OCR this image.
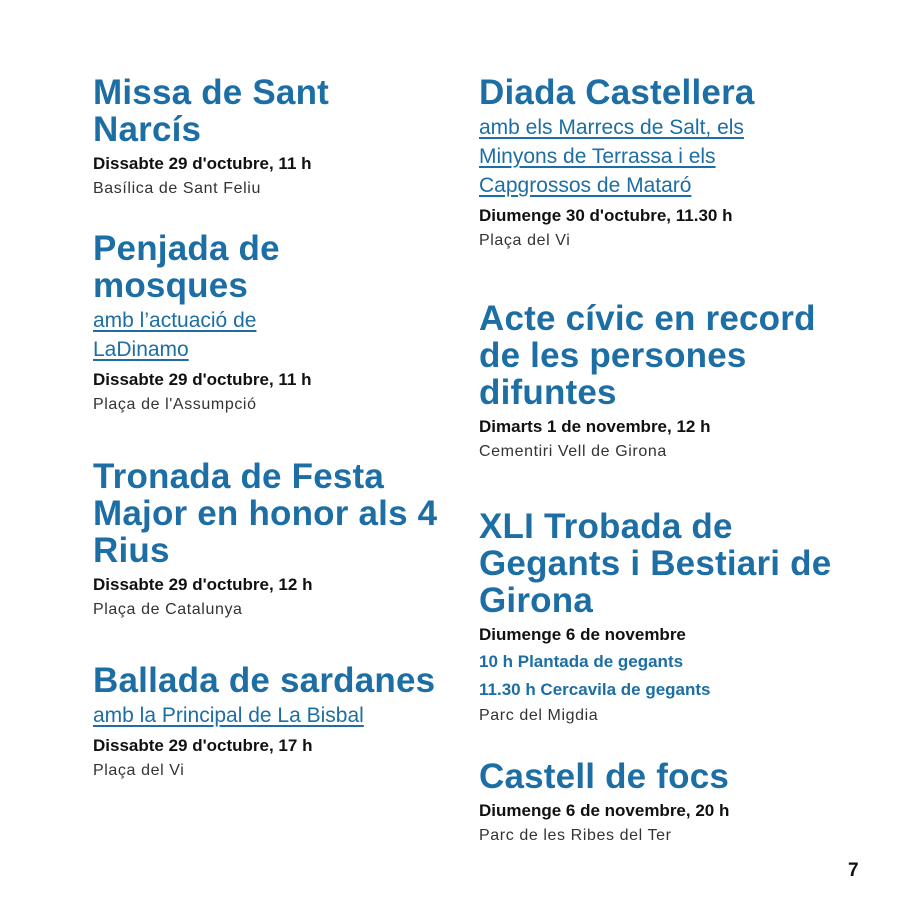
Missa de Sant Narcís
Dissabte 29 d'octubre, 11 h
Basílica de Sant Feliu
Penjada de mosques
amb l’actuació de LaDinamo
Dissabte 29 d'octubre, 11 h
Plaça de l'Assumpció
Tronada de Festa Major en honor als 4 Rius
Dissabte 29 d'octubre, 12 h
Plaça de Catalunya
Ballada de sardanes
amb la Principal de La Bisbal
Dissabte 29 d'octubre, 17 h
Plaça del Vi
Diada Castellera
amb els Marrecs de Salt, els Minyons de Terrassa i els Capgrossos de Mataró
Diumenge 30 d'octubre, 11.30 h
Plaça del Vi
Acte cívic en record de les persones difuntes
Dimarts 1 de novembre, 12 h
Cementiri Vell de Girona
XLI Trobada de Gegants i Bestiari de Girona
Diumenge 6 de novembre
10 h Plantada de gegants
11.30 h Cercavila de gegants
Parc del Migdia
Castell de focs
Diumenge 6 de novembre, 20 h
Parc de les Ribes del Ter
7
